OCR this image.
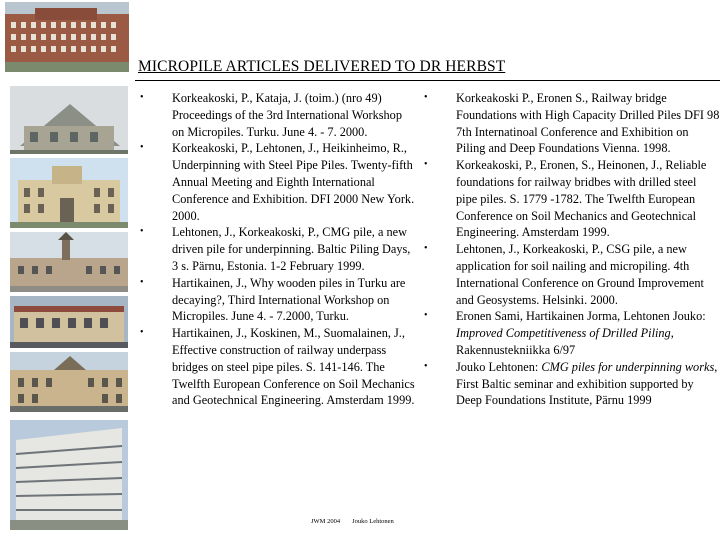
MICROPILE ARTICLES DELIVERED TO DR HERBST
•	Korkeakoski, P., Kataja, J. (toim.) (nro 49) Proceedings of the 3rd International Workshop on Micropiles. Turku. June 4. - 7. 2000.
•	Korkeakoski, P., Lehtonen, J., Heikinheimo, R., Underpinning with Steel Pipe Piles. Twenty-fifth Annual Meeting and Eighth International Conference and Exhibition. DFI 2000 New York. 2000.
•	Lehtonen, J., Korkeakoski, P., CMG pile, a new driven pile for underpinning. Baltic Piling Days, 3 s. Pärnu, Estonia. 1-2 February 1999.
•	Hartikainen, J., Why wooden piles in Turku are decaying?, Third International Workshop on Micropiles. June 4. - 7.2000, Turku.
•	Hartikainen, J., Koskinen, M., Suomalainen, J., Effective construction of railway underpass bridges on steel pipe piles. S. 141-146. The Twelfth European Conference on Soil Mechanics and Geotechnical Engineering. Amsterdam 1999.
•	Korkeakoski P., Eronen S., Railway bridge Foundations with High Capacity Drilled Piles DFI 98 7th Internatinoal Conference and Exhibition on Piling and Deep Foundations Vienna. 1998.
•	Korkeakoski, P., Eronen, S., Heinonen, J., Reliable foundations for railway bridbes with drilled steel pipe piles. S. 1779 -1782. The Twelfth European Conference on Soil Mechanics and Geotechnical Engineering. Amsterdam 1999.
•	Lehtonen, J., Korkeakoski, P., CSG pile, a new application for soil nailing and micropiling. 4th International Conference on Ground Improvement and Geosystems. Helsinki. 2000.
•	Eronen Sami, Hartikainen Jorma, Lehtonen Jouko: Improved Competitiveness of Drilled Piling, Rakennustekniikka 6/97
•	Jouko Lehtonen: CMG piles for underpinning works, First Baltic seminar and exhibition supported by Deep Foundations Institute, Pärnu 1999
JWM 2004 Jouko Lehtonen
